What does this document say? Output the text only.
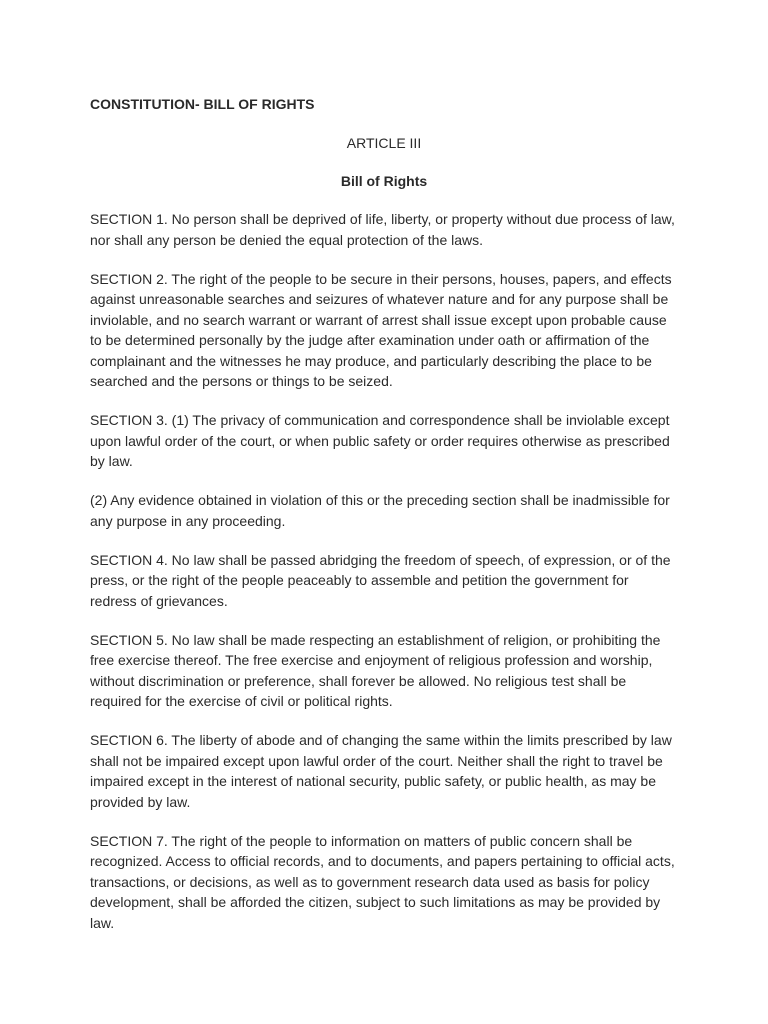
CONSTITUTION- BILL OF RIGHTS
ARTICLE III
Bill of Rights

SECTION 1. No person shall be deprived of life, liberty, or property without due process of law, nor shall any person be denied the equal protection of the laws.

SECTION 2. The right of the people to be secure in their persons, houses, papers, and effects against unreasonable searches and seizures of whatever nature and for any purpose shall be inviolable, and no search warrant or warrant of arrest shall issue except upon probable cause to be determined personally by the judge after examination under oath or affirmation of the complainant and the witnesses he may produce, and particularly describing the place to be searched and the persons or things to be seized.

SECTION 3. (1) The privacy of communication and correspondence shall be inviolable except upon lawful order of the court, or when public safety or order requires otherwise as prescribed by law.

(2) Any evidence obtained in violation of this or the preceding section shall be inadmissible for any purpose in any proceeding.

SECTION 4. No law shall be passed abridging the freedom of speech, of expression, or of the press, or the right of the people peaceably to assemble and petition the government for redress of grievances.

SECTION 5. No law shall be made respecting an establishment of religion, or prohibiting the free exercise thereof. The free exercise and enjoyment of religious profession and worship, without discrimination or preference, shall forever be allowed. No religious test shall be required for the exercise of civil or political rights.

SECTION 6. The liberty of abode and of changing the same within the limits prescribed by law shall not be impaired except upon lawful order of the court. Neither shall the right to travel be impaired except in the interest of national security, public safety, or public health, as may be provided by law.

SECTION 7. The right of the people to information on matters of public concern shall be recognized. Access to official records, and to documents, and papers pertaining to official acts, transactions, or decisions, as well as to government research data used as basis for policy development, shall be afforded the citizen, subject to such limitations as may be provided by law.
